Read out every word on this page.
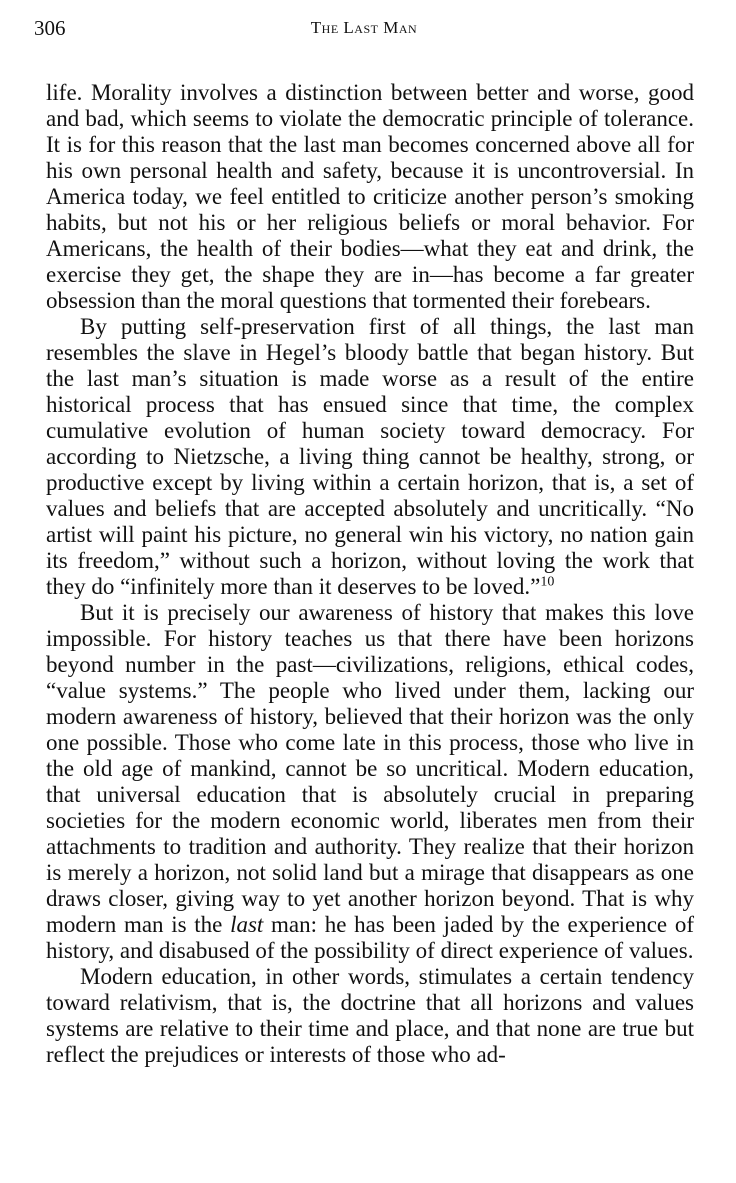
306	The Last Man

life. Morality involves a distinction between better and worse, good and bad, which seems to violate the democratic principle of tolerance. It is for this reason that the last man becomes concerned above all for his own personal health and safety, because it is uncontroversial. In America today, we feel entitled to criticize another person’s smoking habits, but not his or her religious beliefs or moral behavior. For Americans, the health of their bodies—what they eat and drink, the exercise they get, the shape they are in—has become a far greater obsession than the moral questions that tormented their forebears.

By putting self-preservation first of all things, the last man resembles the slave in Hegel’s bloody battle that began history. But the last man’s situation is made worse as a result of the entire historical process that has ensued since that time, the complex cumulative evolution of human society toward democracy. For according to Nietzsche, a living thing cannot be healthy, strong, or productive except by living within a certain horizon, that is, a set of values and beliefs that are accepted absolutely and uncritically. “No artist will paint his picture, no general win his victory, no nation gain its freedom,” without such a horizon, without loving the work that they do “infinitely more than it deserves to be loved.”$^{10}$

But it is precisely our awareness of history that makes this love impossible. For history teaches us that there have been horizons beyond number in the past—civilizations, religions, ethical codes, “value systems.” The people who lived under them, lacking our modern awareness of history, believed that their horizon was the only one possible. Those who come late in this process, those who live in the old age of mankind, cannot be so uncritical. Modern education, that universal education that is absolutely crucial in preparing societies for the modern economic world, liberates men from their attachments to tradition and authority. They realize that their horizon is merely a horizon, not solid land but a mirage that disappears as one draws closer, giving way to yet another horizon beyond. That is why modern man is the last man: he has been jaded by the experience of history, and disabused of the possibility of direct experience of values.

Modern education, in other words, stimulates a certain tendency toward relativism, that is, the doctrine that all horizons and values systems are relative to their time and place, and that none are true but reflect the prejudices or interests of those who ad-
